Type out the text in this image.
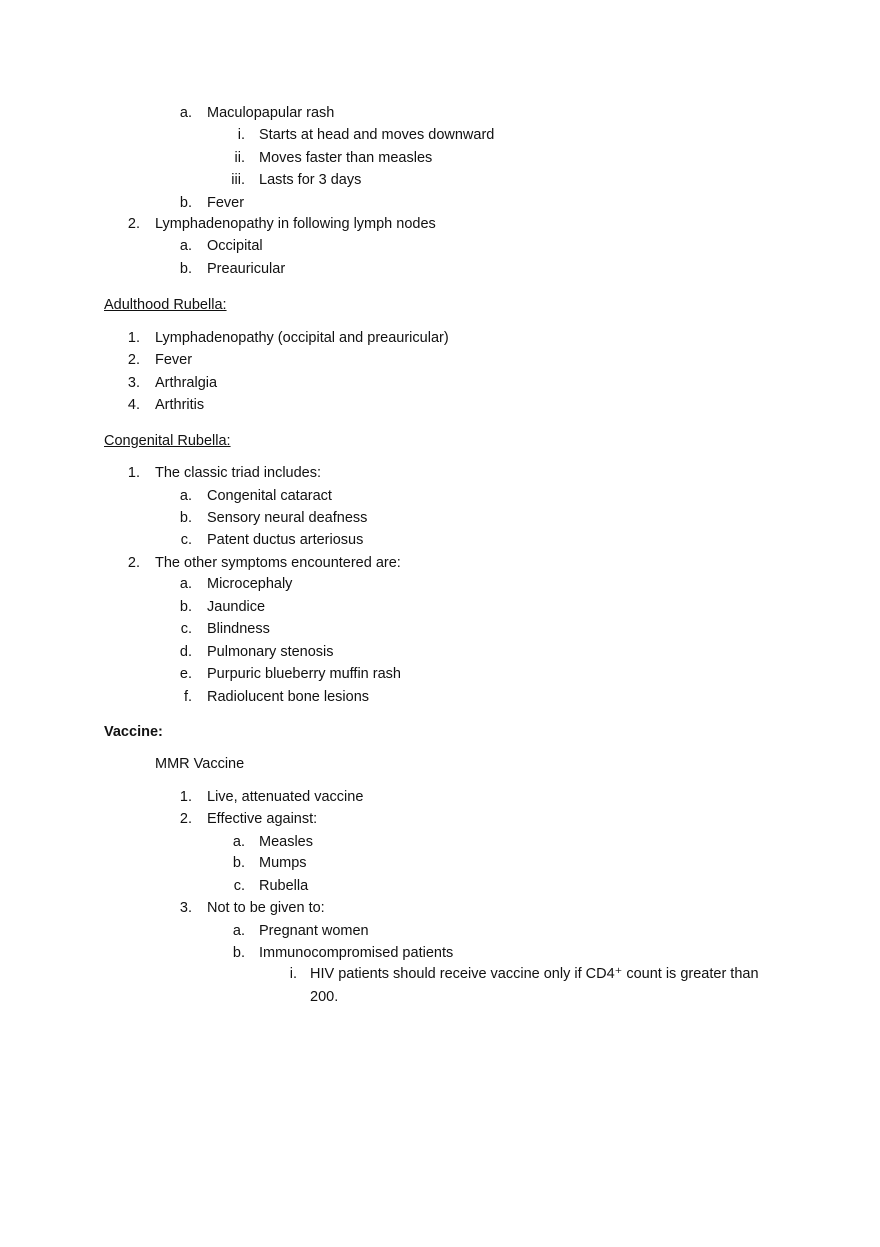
a. Maculopapular rash
i. Starts at head and moves downward
ii. Moves faster than measles
iii. Lasts for 3 days
b. Fever
2. Lymphadenopathy in following lymph nodes
a. Occipital
b. Preauricular
Adulthood Rubella:
1. Lymphadenopathy (occipital and preauricular)
2. Fever
3. Arthralgia
4. Arthritis
Congenital Rubella:
1. The classic triad includes:
a. Congenital cataract
b. Sensory neural deafness
c. Patent ductus arteriosus
2. The other symptoms encountered are:
a. Microcephaly
b. Jaundice
c. Blindness
d. Pulmonary stenosis
e. Purpuric blueberry muffin rash
f. Radiolucent bone lesions
Vaccine:
MMR Vaccine
1. Live, attenuated vaccine
2. Effective against:
a. Measles
b. Mumps
c. Rubella
3. Not to be given to:
a. Pregnant women
b. Immunocompromised patients
i. HIV patients should receive vaccine only if CD4⁺ count is greater than
200.
